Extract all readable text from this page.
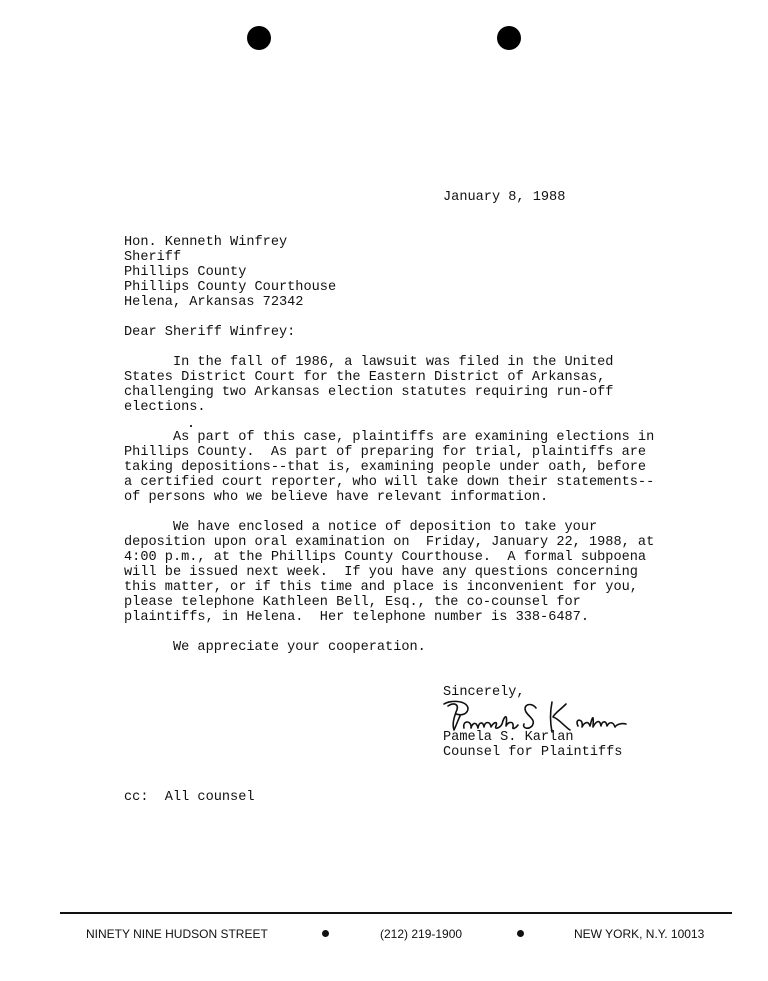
January 8, 1988
Hon. Kenneth Winfrey
Sheriff
Phillips County
Phillips County Courthouse
Helena, Arkansas 72342
Dear Sheriff Winfrey:
In the fall of 1986, a lawsuit was filed in the United
States District Court for the Eastern District of Arkansas,
challenging two Arkansas election statutes requiring run-off
elections.
As part of this case, plaintiffs are examining elections in
Phillips County.  As part of preparing for trial, plaintiffs are
taking depositions--that is, examining people under oath, before
a certified court reporter, who will take down their statements--
of persons who we believe have relevant information.
We have enclosed a notice of deposition to take your
deposition upon oral examination on  Friday, January 22, 1988, at
4:00 p.m., at the Phillips County Courthouse.  A formal subpoena
will be issued next week.  If you have any questions concerning
this matter, or if this time and place is inconvenient for you,
please telephone Kathleen Bell, Esq., the co-counsel for
plaintiffs, in Helena.  Her telephone number is 338-6487.
We appreciate your cooperation.
Sincerely,
Pamela S. Karlan
Counsel for Plaintiffs
cc:  All counsel
NINETY NINE HUDSON STREET	(212) 219-1900	NEW YORK, N.Y. 10013
